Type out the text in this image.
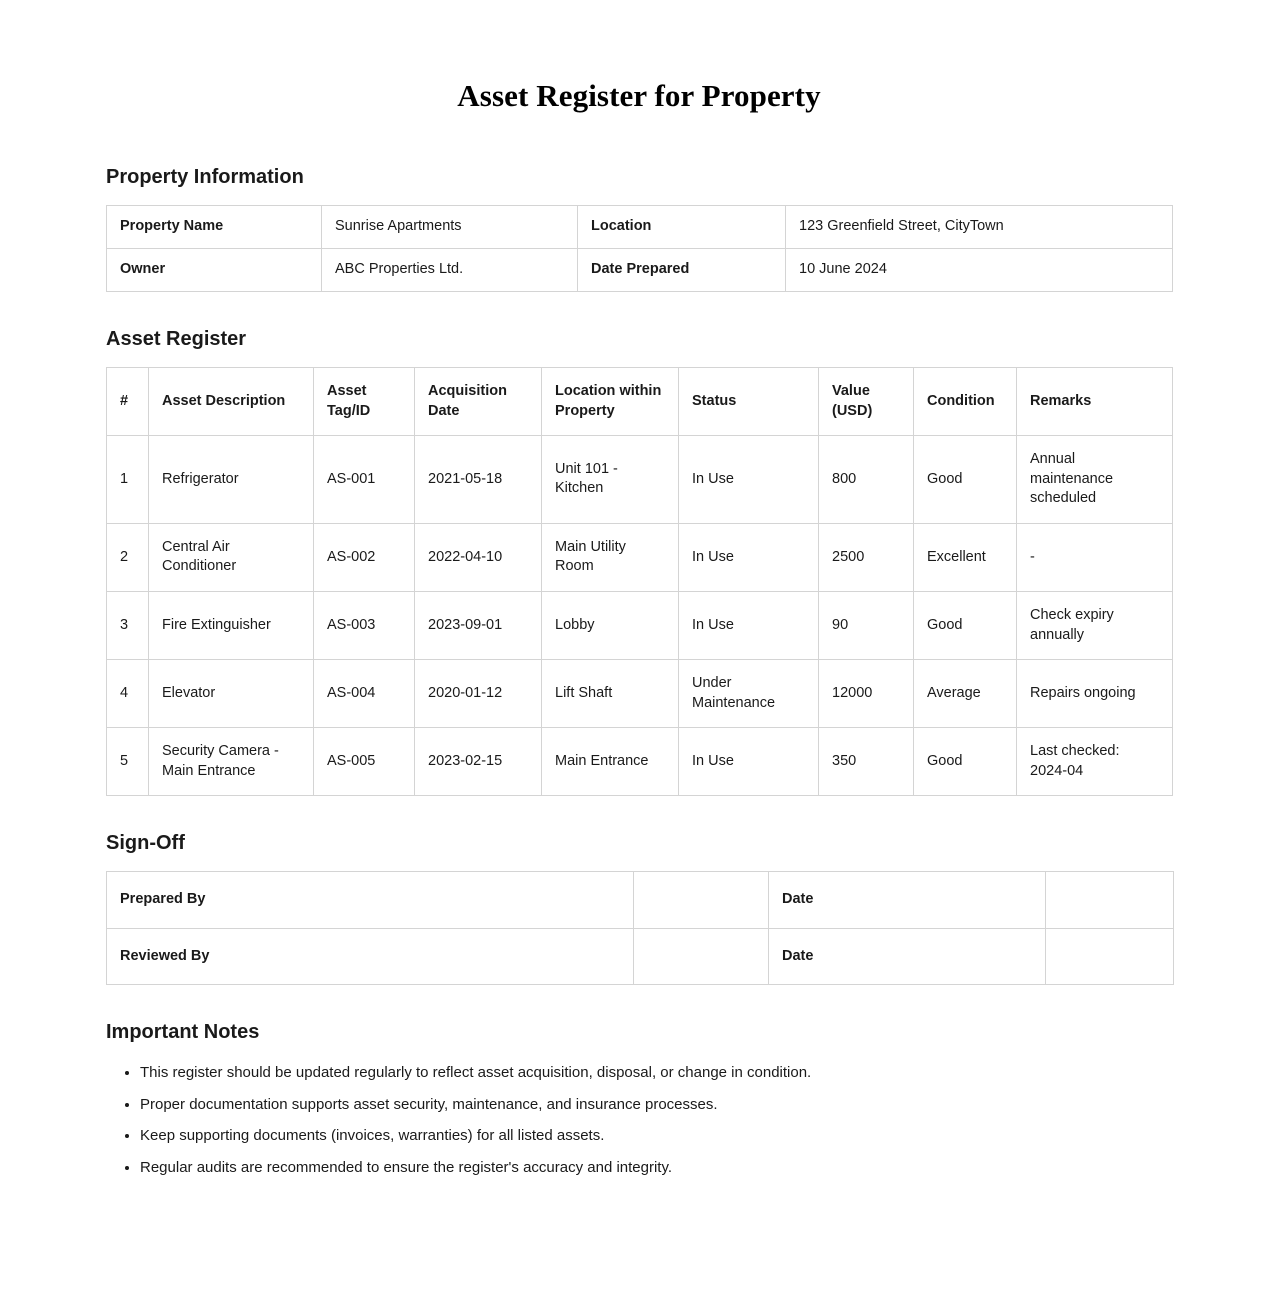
Asset Register for Property
Property Information
Property Name	Sunrise Apartments	Location	123 Greenfield Street, CityTown
Owner	ABC Properties Ltd.	Date Prepared	10 June 2024
Asset Register
#	Asset Description	Asset Tag/ID	Acquisition Date	Location within Property	Status	Value (USD)	Condition	Remarks
1	Refrigerator	AS-001	2021-05-18	Unit 101 - Kitchen	In Use	800	Good	Annual maintenance scheduled
2	Central Air Conditioner	AS-002	2022-04-10	Main Utility Room	In Use	2500	Excellent	-
3	Fire Extinguisher	AS-003	2023-09-01	Lobby	In Use	90	Good	Check expiry annually
4	Elevator	AS-004	2020-01-12	Lift Shaft	Under Maintenance	12000	Average	Repairs ongoing
5	Security Camera - Main Entrance	AS-005	2023-02-15	Main Entrance	In Use	350	Good	Last checked: 2024-04
Sign-Off
Prepared By		Date	
Reviewed By		Date	
Important Notes
• This register should be updated regularly to reflect asset acquisition, disposal, or change in condition.
• Proper documentation supports asset security, maintenance, and insurance processes.
• Keep supporting documents (invoices, warranties) for all listed assets.
• Regular audits are recommended to ensure the register's accuracy and integrity.
